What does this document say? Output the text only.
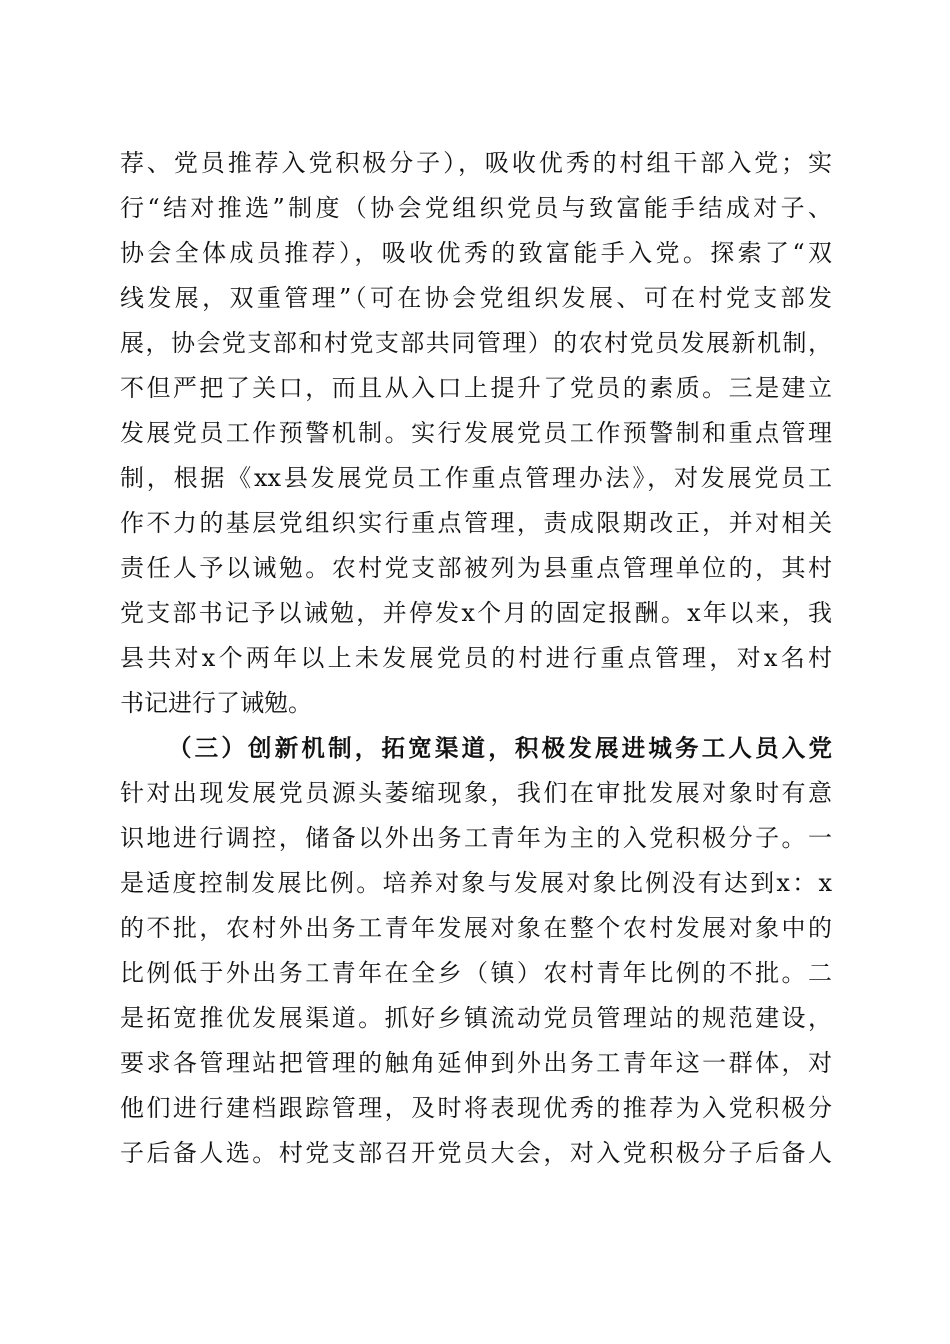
荐、党员推荐入党积极分子），吸收优秀的村组干部入党；实
行“结对推选”制度（协会党组织党员与致富能手结成对子、
协会全体成员推荐），吸收优秀的致富能手入党。探索了“双
线发展，双重管理”（可在协会党组织发展、可在村党支部发
展，协会党支部和村党支部共同管理）的农村党员发展新机制，
不但严把了关口，而且从入口上提升了党员的素质。三是建立
发展党员工作预警机制。实行发展党员工作预警制和重点管理
制，根据《xx县发展党员工作重点管理办法》，对发展党员工
作不力的基层党组织实行重点管理，责成限期改正，并对相关
责任人予以诫勉。农村党支部被列为县重点管理单位的，其村
党支部书记予以诫勉，并停发x个月的固定报酬。x年以来，我
县共对x个两年以上未发展党员的村进行重点管理，对x名村
书记进行了诫勉。
（三）创新机制，拓宽渠道，积极发展进城务工人员入党
针对出现发展党员源头萎缩现象，我们在审批发展对象时有意
识地进行调控，储备以外出务工青年为主的入党积极分子。一
是适度控制发展比例。培养对象与发展对象比例没有达到x：x
的不批，农村外出务工青年发展对象在整个农村发展对象中的
比例低于外出务工青年在全乡（镇）农村青年比例的不批。二
是拓宽推优发展渠道。抓好乡镇流动党员管理站的规范建设，
要求各管理站把管理的触角延伸到外出务工青年这一群体，对
他们进行建档跟踪管理，及时将表现优秀的推荐为入党积极分
子后备人选。村党支部召开党员大会，对入党积极分子后备人
